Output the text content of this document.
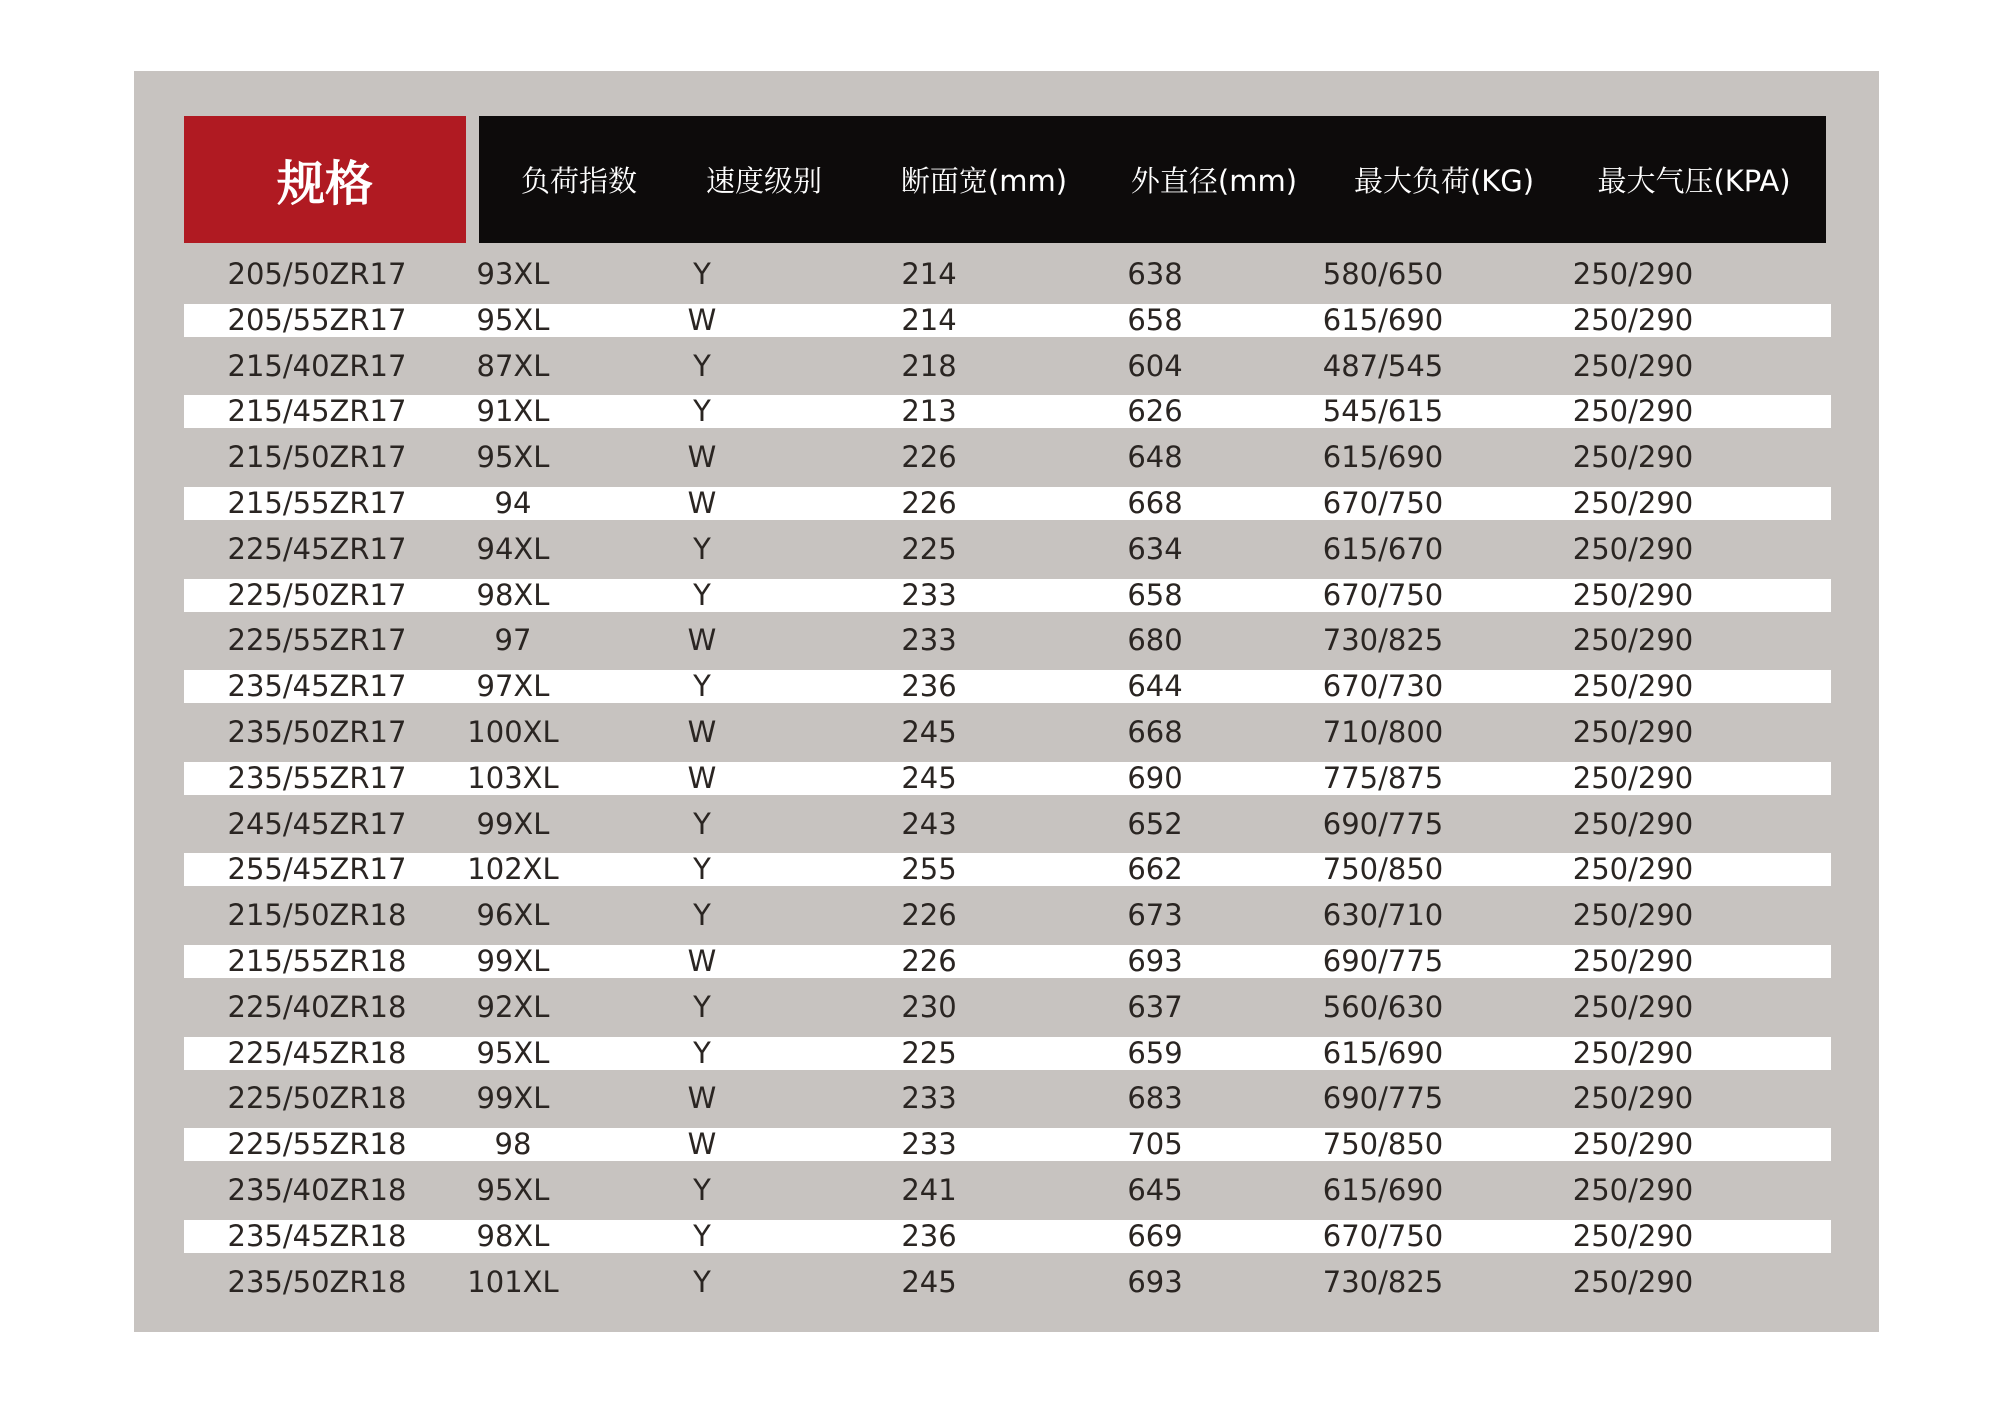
规格	负荷指数	速度级别	断面宽(mm)	外直径(mm)	最大负荷(KG)	最大气压(KPA)
205/50ZR17	93XL	Y	214	638	580/650	250/290
205/55ZR17	95XL	W	214	658	615/690	250/290
215/40ZR17	87XL	Y	218	604	487/545	250/290
215/45ZR17	91XL	Y	213	626	545/615	250/290
215/50ZR17	95XL	W	226	648	615/690	250/290
215/55ZR17	94	W	226	668	670/750	250/290
225/45ZR17	94XL	Y	225	634	615/670	250/290
225/50ZR17	98XL	Y	233	658	670/750	250/290
225/55ZR17	97	W	233	680	730/825	250/290
235/45ZR17	97XL	Y	236	644	670/730	250/290
235/50ZR17	100XL	W	245	668	710/800	250/290
235/55ZR17	103XL	W	245	690	775/875	250/290
245/45ZR17	99XL	Y	243	652	690/775	250/290
255/45ZR17	102XL	Y	255	662	750/850	250/290
215/50ZR18	96XL	Y	226	673	630/710	250/290
215/55ZR18	99XL	W	226	693	690/775	250/290
225/40ZR18	92XL	Y	230	637	560/630	250/290
225/45ZR18	95XL	Y	225	659	615/690	250/290
225/50ZR18	99XL	W	233	683	690/775	250/290
225/55ZR18	98	W	233	705	750/850	250/290
235/40ZR18	95XL	Y	241	645	615/690	250/290
235/45ZR18	98XL	Y	236	669	670/750	250/290
235/50ZR18	101XL	Y	245	693	730/825	250/290
